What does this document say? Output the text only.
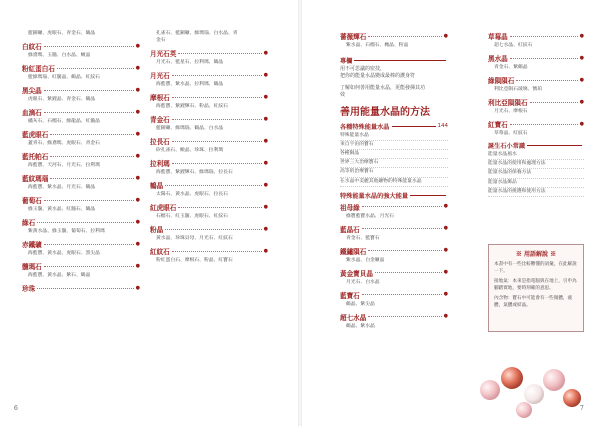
藍銅礦、虎眼石、青金石、鶴晶
白紋石	●
綠鳶瑪、玉髓、白水晶、橄晶
粉紅蛋白石	●
藍綠瑪瑙、紅髓晶、鶴晶、紅紋石
黑尖晶	●
虎眼石、紫鋰晶、青金石、鶴晶
血滴石	●
橘灰石、石榴石、綠龍晶、紅髓晶
藍虎眼石	●
蓋青石、綠鳶瑪、虎眼石、青金石
藍托帕石	●
海藍寶、天河石、月光石、拉利瑪
藍紋瑪瑙	●
海藍寶、紫水晶、月光石、鶴晶
葡萄石	●
綠玉髓、黃水晶、紅髓石、鶴晶
綠石	●
紫黃水晶、綠玉髓、葡萄石、拉利瑪
赤鐵礦	●
海藍寶、黃水晶、虎眼石、黑尖晶
髓瑪石	●
海藍寶、黃水晶、紫石、鶴晶
珍珠	●
孔雀石、藍銅礦、綠瑪瑙、白水晶、青
金石
月光石英	●
月光石、藍星石、拉利瑪、鶴晶
月光石	●
海藍寶、紫水晶、拉利瑪、鶴晶
摩根石	●
海藍寶、紫鋰輝石、粉晶、紅紋石
青金石	●
藍銅礦、綠瑪瑙、鶴晶、白水晶
拉長石	●
矽孔雀石、橄晶、珍珠、拉利瑪
拉利瑪	●
海藍寶、紫鋰輝石、綠瑪瑙、拉長石
鶴晶	●
太陽石、黃水晶、虎眼石、拉長石
紅虎眼石	●
石榴石、紅玉髓、虎眼石、紅紋石
粉晶	●
黃水晶、珍珠貝母、月光石、紅紋石
紅紋石	●
粉紅蛋白石、摩根石、粉晶、紅寶石
6
薔薇輝石	●
紫水晶、石榴石、橄晶、粉晶
專欄
用不可思議的密技，
把你的能量水晶變成最棒的護身符
了解如何善用能量水晶，更能發揮其功
效
善用能量水晶的方法
各種特殊能量水晶	144
特殊能量水晶
來自宇宙的寶石
各種隕晶
世界三大治療寶石
高等的治療寶石
在水晶中美麗其他礦物的特殊能量水晶
特殊能量水晶的強大能量
祖母綠	●
綠寶藍寶水晶、月光石
藍晶石	●
青金石、藍寶石
鐵鏽隕石	●
紫水晶、白金礦晶
黃金寶貝晶	●
月光石、白水晶
藍寶石	●
鶴晶、紫尖晶
超七水晶	●
鶴晶、紫水晶
草莓晶	●
超七水晶、紅紋石
黑水晶	●
青金石、紫鶴晶
綠隕隕石	●
利比亞隕石玻璃、號珀
利比亞隕隕石	●
月光石、摩根石
紅寶石	●
草莓晶、紅紋石
誕生石小常識
能量水晶風水
能量水晶的使用和處理方法
能量水晶的保養方法
能量水晶飾品
能量水晶的挑選和使用方法
7
※ 用語解說 ※
本書中有一些比較難懂的詞彙，在此解說一下。
接地氣：本來是指電腦與在地上，引申為腳踏實地，要時刻確的意思。
內含物：寶石中可能會有一些微體，液體，氣體或結晶。
